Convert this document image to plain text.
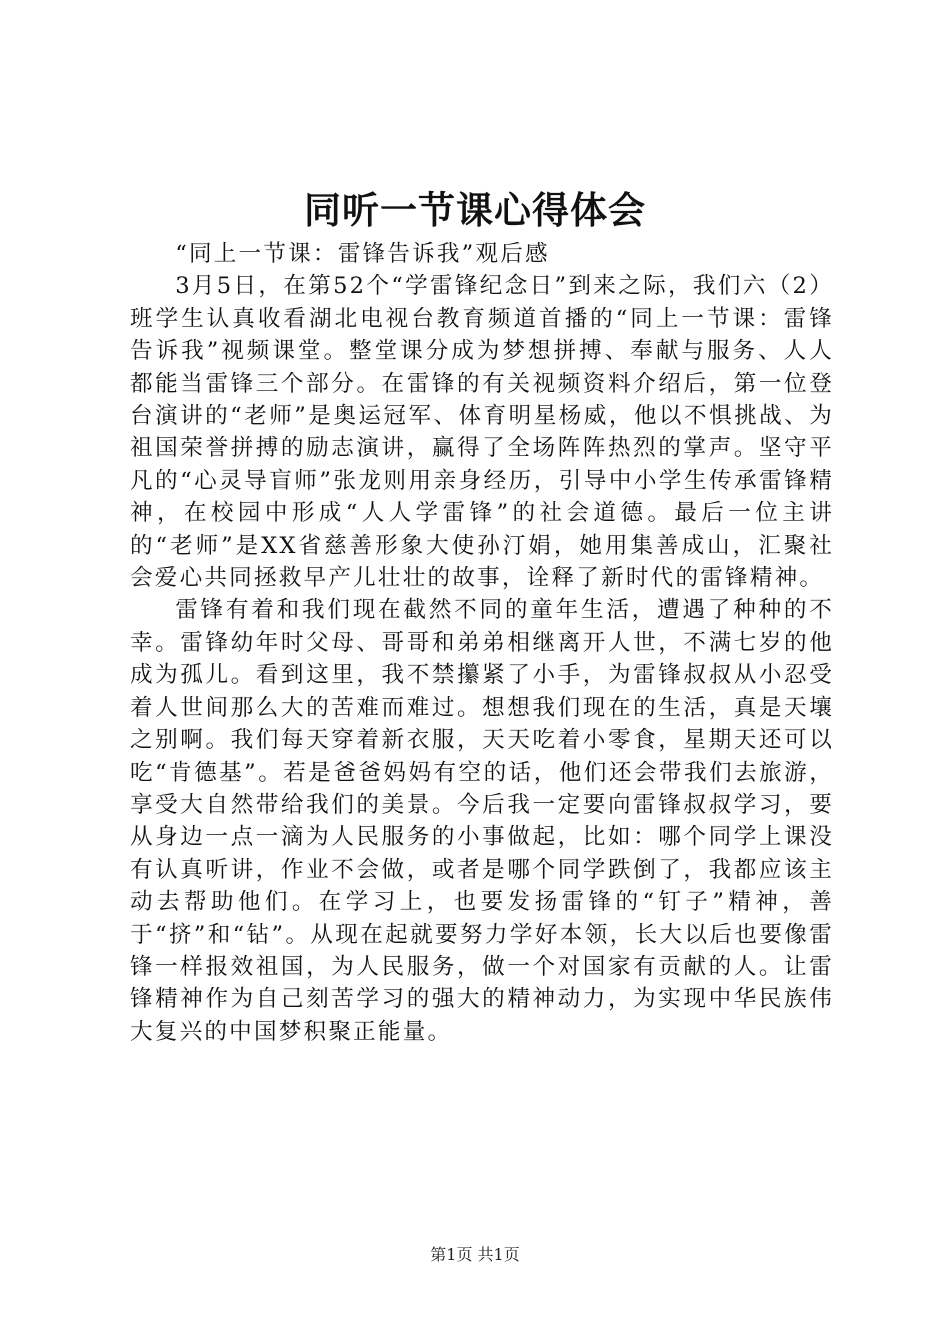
同听一节课心得体会

“同上一节课：雷锋告诉我”观后感

3月5日，在第52个“学雷锋纪念日”到来之际，我们六（2）班学生认真收看湖北电视台教育频道首播的“同上一节课：雷锋告诉我”视频课堂。整堂课分成为梦想拼搏、奉献与服务、人人都能当雷锋三个部分。在雷锋的有关视频资料介绍后，第一位登台演讲的“老师”是奥运冠军、体育明星杨威，他以不惧挑战、为祖国荣誉拼搏的励志演讲，赢得了全场阵阵热烈的掌声。坚守平凡的“心灵导盲师”张龙则用亲身经历，引导中小学生传承雷锋精神，在校园中形成“人人学雷锋”的社会道德。最后一位主讲的“老师”是XX省慈善形象大使孙汀娟，她用集善成山，汇聚社会爱心共同拯救早产儿壮壮的故事，诠释了新时代的雷锋精神。

雷锋有着和我们现在截然不同的童年生活，遭遇了种种的不幸。雷锋幼年时父母、哥哥和弟弟相继离开人世，不满七岁的他成为孤儿。看到这里，我不禁攥紧了小手，为雷锋叔叔从小忍受着人世间那么大的苦难而难过。想想我们现在的生活，真是天壤之别啊。我们每天穿着新衣服，天天吃着小零食，星期天还可以吃“肯德基”。若是爸爸妈妈有空的话，他们还会带我们去旅游，享受大自然带给我们的美景。今后我一定要向雷锋叔叔学习，要从身边一点一滴为人民服务的小事做起，比如：哪个同学上课没有认真听讲，作业不会做，或者是哪个同学跌倒了，我都应该主动去帮助他们。在学习上，也要发扬雷锋的“钉子”精神，善于“挤”和“钻”。从现在起就要努力学好本领，长大以后也要像雷锋一样报效祖国，为人民服务，做一个对国家有贡献的人。让雷锋精神作为自己刻苦学习的强大的精神动力，为实现中华民族伟大复兴的中国梦积聚正能量。

第1页 共1页
